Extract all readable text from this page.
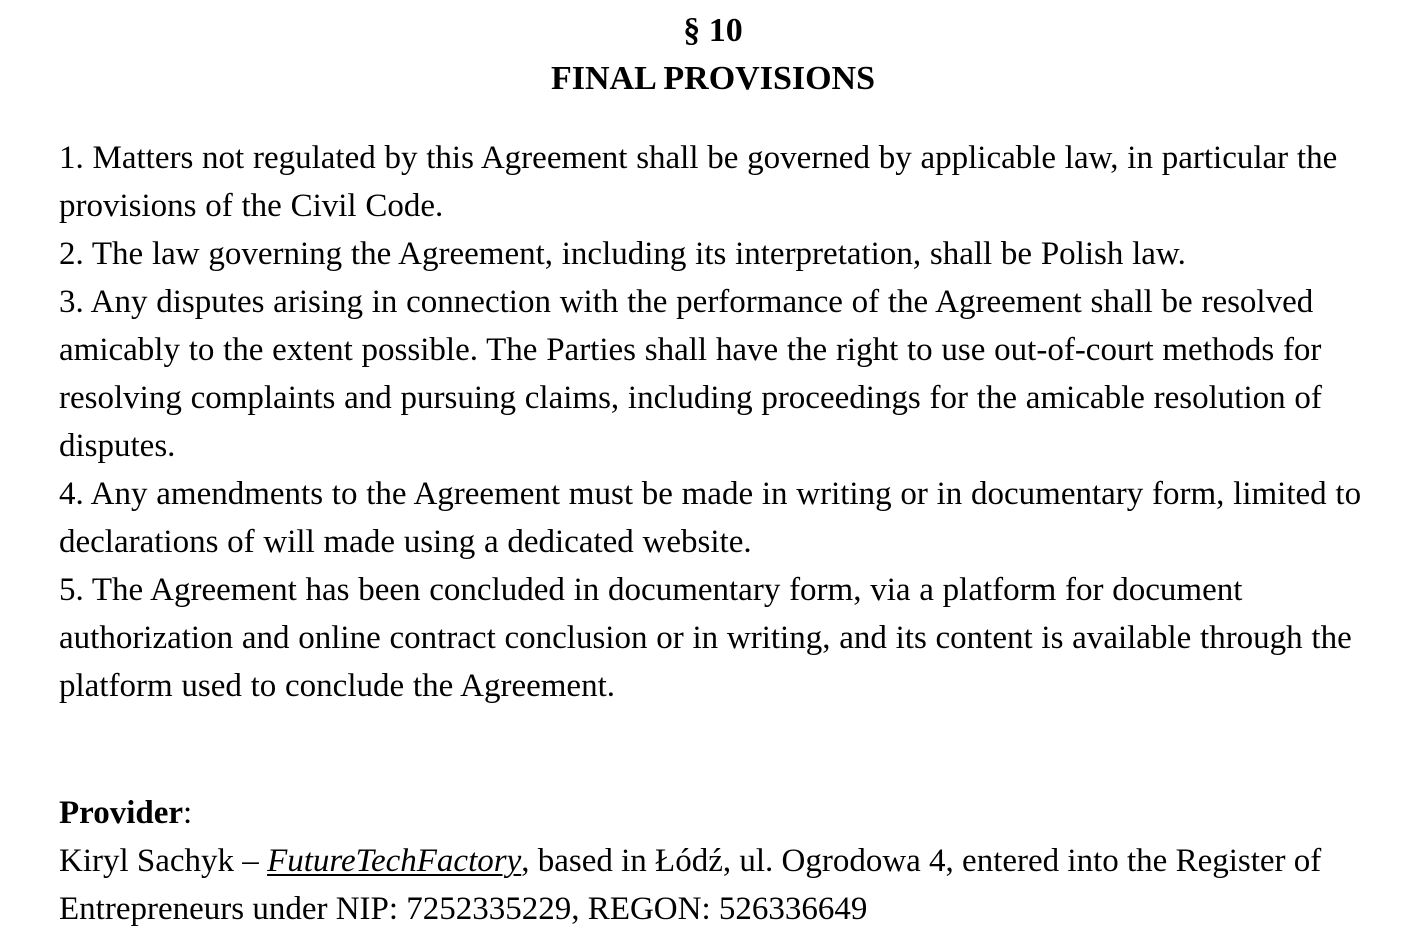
§ 10
FINAL PROVISIONS

1. Matters not regulated by this Agreement shall be governed by applicable law, in particular the provisions of the Civil Code.

2. The law governing the Agreement, including its interpretation, shall be Polish law.

3. Any disputes arising in connection with the performance of the Agreement shall be resolved amicably to the extent possible. The Parties shall have the right to use out-of-court methods for resolving complaints and pursuing claims, including proceedings for the amicable resolution of disputes.

4. Any amendments to the Agreement must be made in writing or in documentary form, limited to declarations of will made using a dedicated website.

5. The Agreement has been concluded in documentary form, via a platform for document authorization and online contract conclusion or in writing, and its content is available through the platform used to conclude the Agreement.

Provider:

Kiryl Sachyk – FutureTechFactory, based in Łódź, ul. Ogrodowa 4, entered into the Register of Entrepreneurs under NIP: 7252335229, REGON: 526336649
